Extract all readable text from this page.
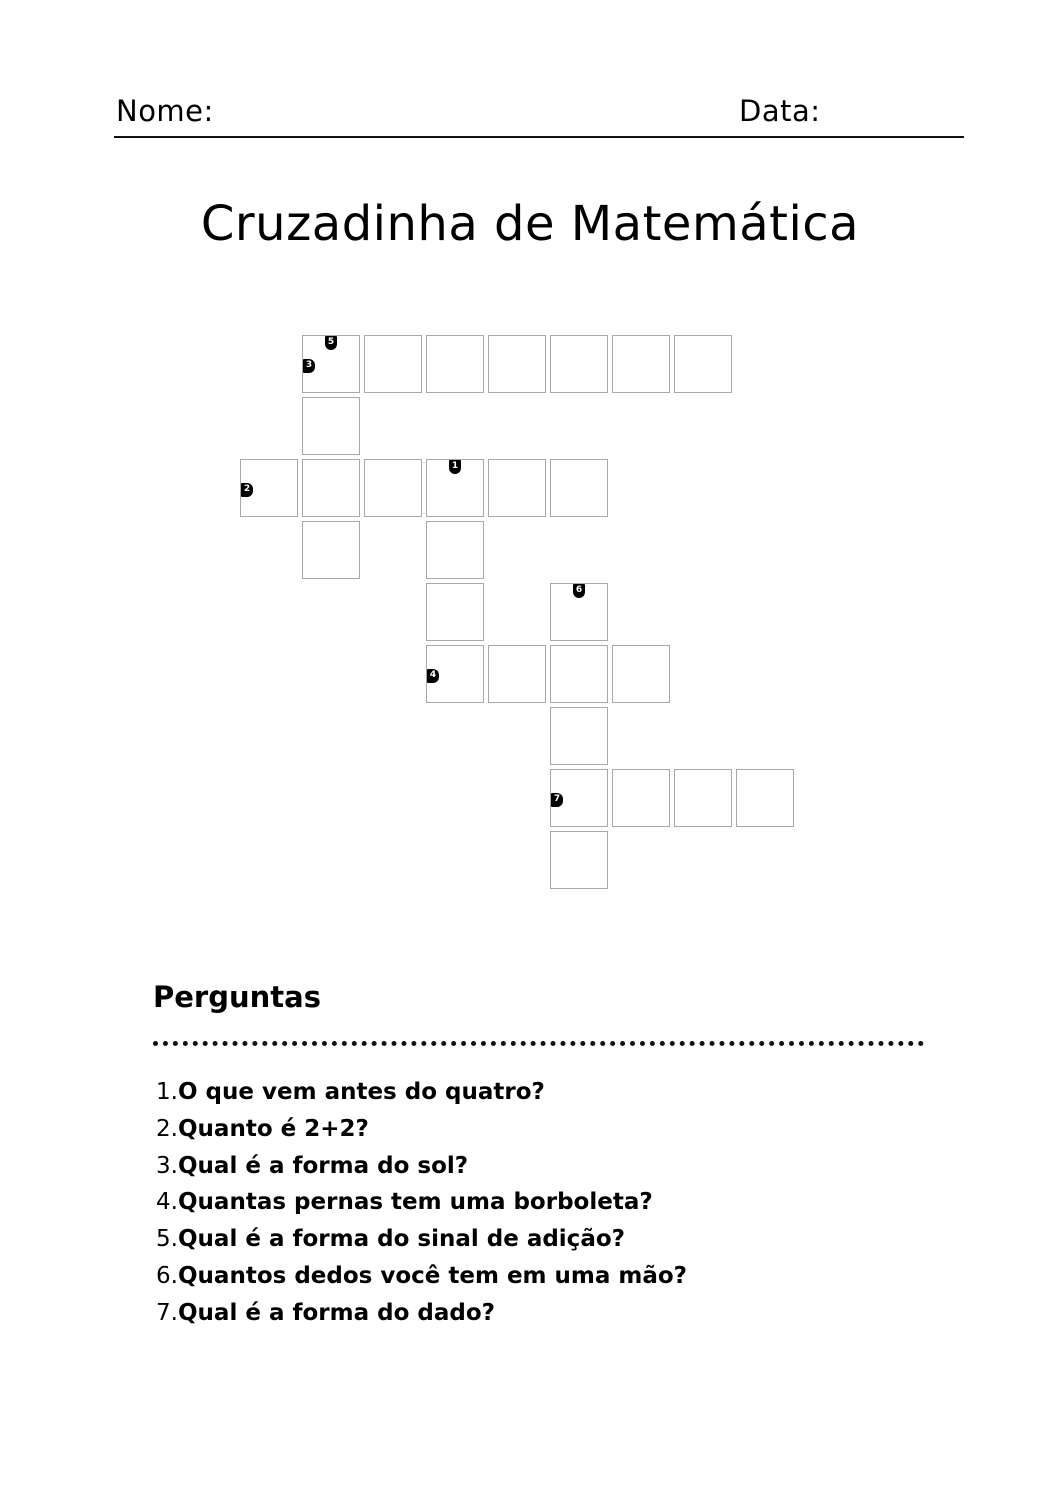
Nome:	Data:
Cruzadinha de Matemática
5
3
2
1
6
4
7
Perguntas
1.O que vem antes do quatro?
2.Quanto é 2+2?
3.Qual é a forma do sol?
4.Quantas pernas tem uma borboleta?
5.Qual é a forma do sinal de adição?
6.Quantos dedos você tem em uma mão?
7.Qual é a forma do dado?
